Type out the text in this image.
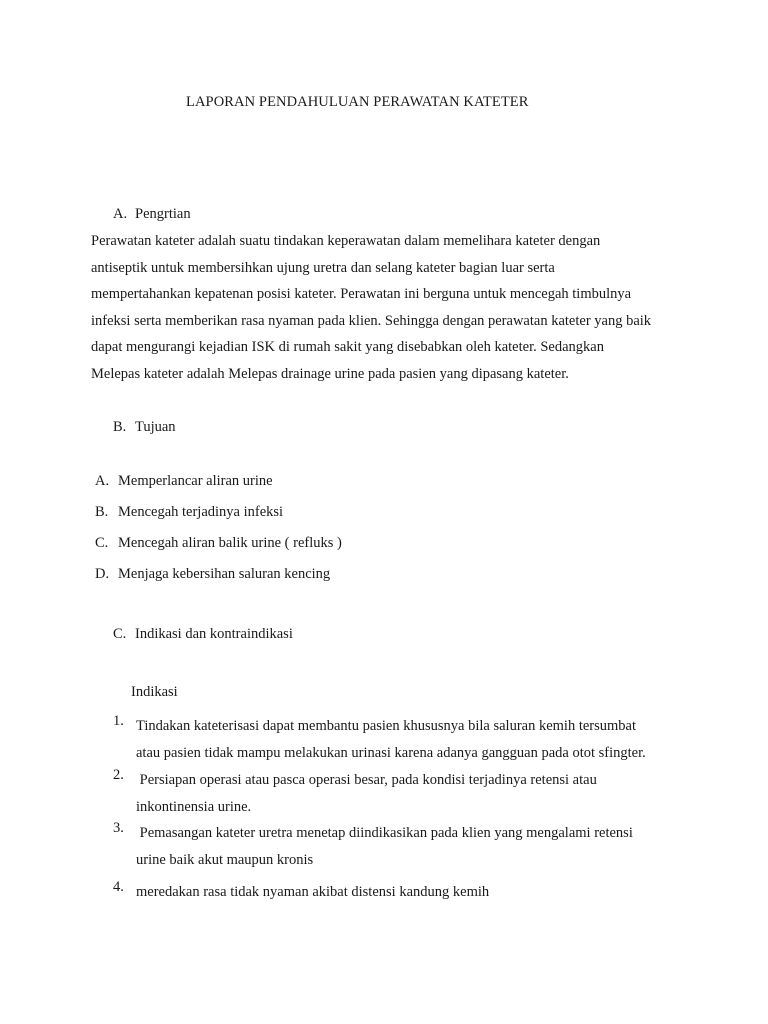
LAPORAN PENDAHULUAN PERAWATAN KATETER
A. Pengrtian
Perawatan kateter adalah suatu tindakan keperawatan dalam memelihara kateter dengan
antiseptik untuk membersihkan ujung uretra dan selang kateter bagian luar serta
mempertahankan kepatenan posisi kateter. Perawatan ini berguna untuk mencegah timbulnya
infeksi serta memberikan rasa nyaman pada klien. Sehingga dengan perawatan kateter yang baik
dapat mengurangi kejadian ISK di rumah sakit yang disebabkan oleh kateter. Sedangkan
Melepas kateter adalah Melepas drainage urine pada pasien yang dipasang kateter.
B. Tujuan
A. Memperlancar aliran urine
B. Mencegah terjadinya infeksi
C. Mencegah aliran balik urine ( refluks )
D. Menjaga kebersihan saluran kencing
C. Indikasi dan kontraindikasi
Indikasi
1. Tindakan kateterisasi dapat membantu pasien khususnya bila saluran kemih tersumbat
atau pasien tidak mampu melakukan urinasi karena adanya gangguan pada otot sfingter.
2. Persiapan operasi atau pasca operasi besar, pada kondisi terjadinya retensi atau
inkontinensia urine.
3. Pemasangan kateter uretra menetap diindikasikan pada klien yang mengalami retensi
urine baik akut maupun kronis
4. meredakan rasa tidak nyaman akibat distensi kandung kemih
